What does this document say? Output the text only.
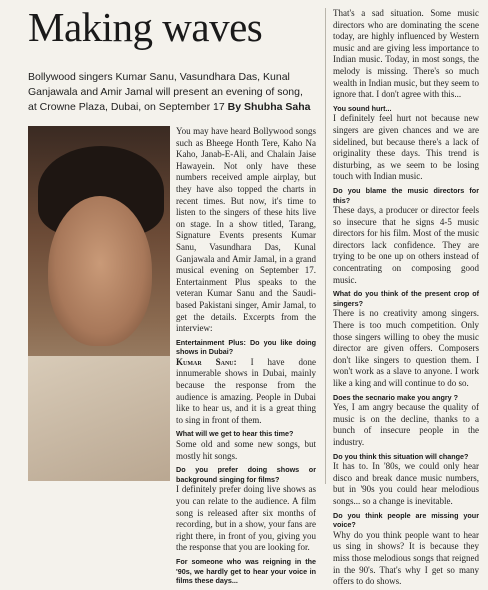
Making waves

Bollywood singers Kumar Sanu, Vasundhara Das, Kunal Ganjawala and Amir Jamal will present an evening of song, at Crowne Plaza, Dubai, on September 17 By Shubha Saha

You may have heard Bollywood songs such as Bheege Honth Tere, Kaho Na Kaho, Janab-E-Ali, and Chalain Jaise Hawayein. Not only have these numbers received ample airplay, but they have also topped the charts in recent times. But now, it's time to listen to the singers of these hits live on stage. In a show titled, Tarang, Signature Events presents Kumar Sanu, Vasundhara Das, Kunal Ganjawala and Amir Jamal, in a grand musical evening on September 17. Entertainment Plus speaks to the veteran Kumar Sanu and the Saudi-based Pakistani singer, Amir Jamal, to get the details. Excerpts from the interview:

Entertainment Plus: Do you like doing shows in Dubai?

Kumar Sanu: I have done innumerable shows in Dubai, mainly because the response from the audience is amazing. People in Dubai like to hear us, and it is a great thing to sing in front of them.

What will we get to hear this time?

Some old and some new songs, but mostly hit songs.

Do you prefer doing shows or background singing for films?

I definitely prefer doing live shows as you can relate to the audience. A film song is released after six months of recording, but in a show, your fans are right there, in front of you, giving you the response that you are looking for.

For someone who was reigning in the '90s, we hardly get to hear your voice in films these days...

That's a sad situation. Some music directors who are dominating the scene today, are highly influenced by Western music and are giving less importance to Indian music. Today, in most songs, the melody is missing. There's so much wealth in Indian music, but they seem to ignore that. I don't agree with this...

You sound hurt...

I definitely feel hurt not because new singers are given chances and we are sidelined, but because there's a lack of originality these days. This trend is disturbing, as we seem to be losing touch with Indian music.

Do you blame the music directors for this?

These days, a producer or director feels so insecure that he signs 4-5 music directors for his film. Most of the music directors lack confidence. They are trying to be one up on others instead of concentrating on composing good music.

What do you think of the present crop of singers?

There is no creativity among singers. There is too much competition. Only those singers willing to obey the music director are given offers. Composers don't like singers to question them. I won't work as a slave to anyone. I work like a king and will continue to do so.

Does the secnario make you angry ?

Yes, I am angry because the quality of music is on the decline, thanks to a bunch of insecure people in the industry.

Do you think this situation will change?

It has to. In '80s, we could only hear disco and break dance music numbers, but in '90s you could hear melodious songs... so a change is inevitable.

Do you think people are missing your voice?

Why do you think people want to hear us sing in shows? It is because they miss those melodious songs that reigned in the 90's. That's why I get so many offers to do shows.
